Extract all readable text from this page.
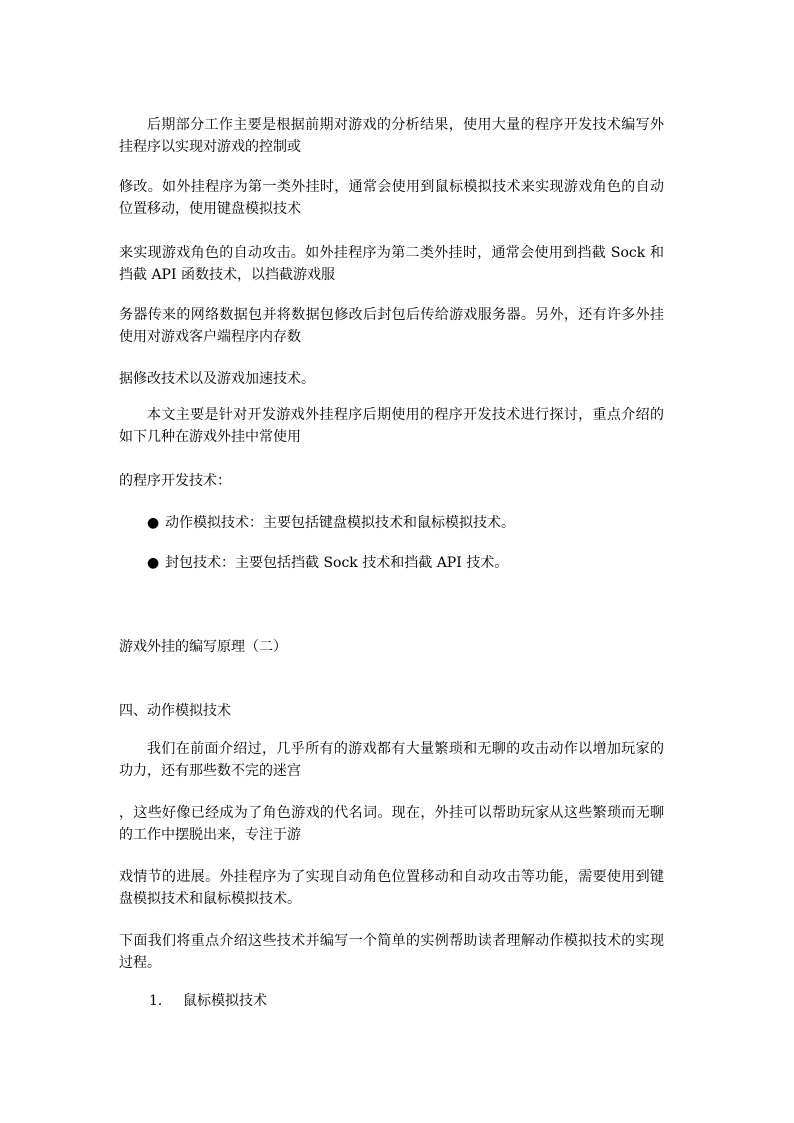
后期部分工作主要是根据前期对游戏的分析结果，使用大量的程序开发技术编写外挂程序以实现对游戏的控制或

修改。如外挂程序为第一类外挂时，通常会使用到鼠标模拟技术来实现游戏角色的自动位置移动，使用键盘模拟技术

来实现游戏角色的自动攻击。如外挂程序为第二类外挂时，通常会使用到挡截 Sock 和挡截 API 函数技术，以挡截游戏服

务器传来的网络数据包并将数据包修改后封包后传给游戏服务器。另外，还有许多外挂使用对游戏客户端程序内存数

据修改技术以及游戏加速技术。

本文主要是针对开发游戏外挂程序后期使用的程序开发技术进行探讨，重点介绍的如下几种在游戏外挂中常使用

的程序开发技术：

● 动作模拟技术：主要包括键盘模拟技术和鼠标模拟技术。
● 封包技术：主要包括挡截 Sock 技术和挡截 API 技术。

游戏外挂的编写原理（二）

四、动作模拟技术

我们在前面介绍过，几乎所有的游戏都有大量繁琐和无聊的攻击动作以增加玩家的功力，还有那些数不完的迷宫

，这些好像已经成为了角色游戏的代名词。现在，外挂可以帮助玩家从这些繁琐而无聊的工作中摆脱出来，专注于游

戏情节的进展。外挂程序为了实现自动角色位置移动和自动攻击等功能，需要使用到键盘模拟技术和鼠标模拟技术。

下面我们将重点介绍这些技术并编写一个简单的实例帮助读者理解动作模拟技术的实现过程。

1． 鼠标模拟技术
